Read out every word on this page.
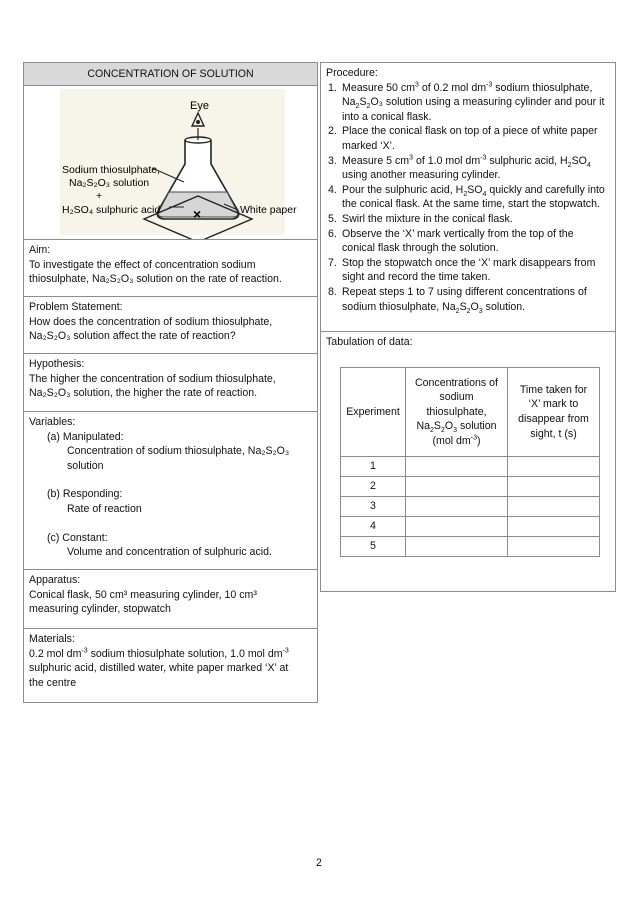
CONCENTRATION OF SOLUTION
Eye
×
Sodium thiosulphate,
Na₂S₂O₃ solution
+
H₂SO₄ sulphuric acid	White paper

Aim:

To investigate the effect of concentration sodium

thiosulphate, Na₂S₂O₃ solution on the rate of reaction.

Problem Statement:

How does the concentration of sodium thiosulphate,

Na₂S₂O₃ solution affect the rate of reaction?

Hypothesis:

The higher the concentration of sodium thiosulphate,

Na₂S₂O₃ solution, the higher the rate of reaction.

Variables:

(a) Manipulated:

Concentration of sodium thiosulphate, Na₂S₂O₃

solution

(b) Responding:

Rate of reaction

(c) Constant:

Volume and concentration of sulphuric acid.

Apparatus:

Conical flask, 50 cm³ measuring cylinder, 10 cm³

measuring cylinder, stopwatch

Materials:

0.2 mol $dm^{-3}$ sodium thiosulphate solution, 1.0 mol $dm^{-3}$

sulphuric acid, distilled water, white paper marked ‘X’ at

the centre

Procedure:

1. Measure 50 $cm^3$ of 0.2 mol $dm^{-3}$ sodium thiosulphate,
$Na_2S_2O_3$ solution using a measuring cylinder and pour it
into a conical flask.
2. Place the conical flask on top of a piece of white paper
marked ‘X’.
3. Measure 5 $cm^3$ of 1.0 mol $dm^{-3}$ sulphuric acid, $H_2SO_4$
using another measuring cylinder.
4. Pour the sulphuric acid, $H_2SO_4$ quickly and carefully into
the conical flask. At the same time, start the stopwatch.
5. Swirl the mixture in the conical flask.
6. Observe the ‘X’ mark vertically from the top of the
conical flask through the solution.
7. Stop the stopwatch once the ‘X’ mark disappears from
sight and record the time taken.
8. Repeat steps 1 to 7 using different concentrations of
sodium thiosulphate, $Na_2S_2O_3$ solution.

Tabulation of data:

Experiment	Concentrations of
sodium
thiosulphate,
$Na_2S_2O_3$ solution
(mol $dm^{-3}$)	Time taken for
‘X’ mark to
disappear from
sight, t (s)
1		
2		
3		
4		
5		
2
